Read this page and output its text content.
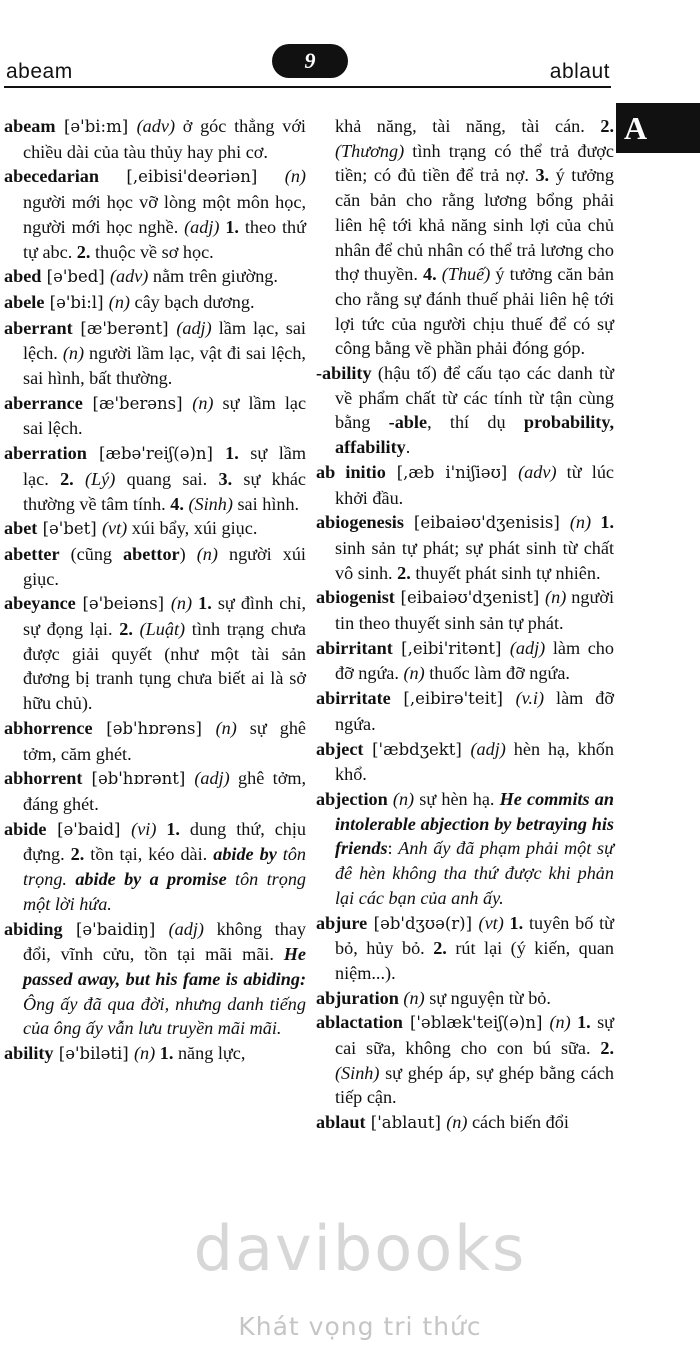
abeam	9	ablaut
A

abeam [ə'bi:m] (adv) ở góc thẳng với chiều dài của tàu thủy hay phi cơ.

abecedarian [,eibisi'deəriən] (n) người mới học vỡ lòng một môn học, người mới học nghề. (adj) 1. theo thứ tự abc. 2. thuộc về sơ học.

abed [ə'bed] (adv) nằm trên giường.

abele [ə'bi:l] (n) cây bạch dương.

aberrant [æ'berənt] (adj) lầm lạc, sai lệch. (n) người lầm lạc, vật đi sai lệch, sai hình, bất thường.

aberrance [æ'berəns] (n) sự lầm lạc sai lệch.

aberration [æbə'reiʃ(ə)n] 1. sự lầm lạc. 2. (Lý) quang sai. 3. sự khác thường về tâm tính. 4. (Sinh) sai hình.

abet [ə'bet] (vt) xúi bẩy, xúi giục.

abetter (cũng abettor) (n) người xúi giục.

abeyance [ə'beiəns] (n) 1. sự đình chỉ, sự đọng lại. 2. (Luật) tình trạng chưa được giải quyết (như một tài sản đương bị tranh tụng chưa biết ai là sở hữu chủ).

abhorrence [əb'hɒrəns] (n) sự ghê tởm, căm ghét.

abhorrent [əb'hɒrənt] (adj) ghê tởm, đáng ghét.

abide [ə'baid] (vi) 1. dung thứ, chịu đựng. 2. tồn tại, kéo dài. abide by tôn trọng. abide by a promise tôn trọng một lời hứa.

abiding [ə'baidiŋ] (adj) không thay đổi, vĩnh cửu, tồn tại mãi mãi. He passed away, but his fame is abiding: Ông ấy đã qua đời, nhưng danh tiếng của ông ấy vẫn lưu truyền mãi mãi.

ability [ə'biləti] (n) 1. năng lực,

khả năng, tài năng, tài cán. 2. (Thương) tình trạng có thể trả được tiền; có đủ tiền để trả nợ. 3. ý tưởng căn bản cho rằng lương bổng phải liên hệ tới khả năng sinh lợi của chủ nhân để chủ nhân có thể trả lương cho thợ thuyền. 4. (Thuế) ý tưởng căn bản cho rằng sự đánh thuế phải liên hệ tới lợi tức của người chịu thuế để có sự công bằng về phần phải đóng góp.

-ability (hậu tố) để cấu tạo các danh từ về phẩm chất từ các tính từ tận cùng bằng -able, thí dụ probability, affability.

ab initio [,æb i'niʃiəʊ] (adv) từ lúc khởi đầu.

abiogenesis [eibaiəʊ'dʒenisis] (n) 1. sinh sản tự phát; sự phát sinh từ chất vô sinh. 2. thuyết phát sinh tự nhiên.

abiogenist [eibaiəʊ'dʒenist] (n) người tin theo thuyết sinh sản tự phát.

abirritant [,eibi'ritənt] (adj) làm cho đỡ ngứa. (n) thuốc làm đỡ ngứa.

abirritate [,eibirə'teit] (v.i) làm đỡ ngứa.

abject ['æbdʒekt] (adj) hèn hạ, khốn khổ.

abjection (n) sự hèn hạ. He commits an intolerable abjection by betraying his friends: Anh ấy đã phạm phải một sự đê hèn không tha thứ được khi phản lại các bạn của anh ấy.

abjure [əb'dʒʊə(r)] (vt) 1. tuyên bố từ bỏ, hủy bỏ. 2. rút lại (ý kiến, quan niệm...).

abjuration (n) sự nguyện từ bỏ.

ablactation ['əblæk'teiʃ(ə)n] (n) 1. sự cai sữa, không cho con bú sữa. 2. (Sinh) sự ghép áp, sự ghép bằng cách tiếp cận.

ablaut ['ablaut] (n) cách biến đổi

davibooks
Khát vọng tri thức
